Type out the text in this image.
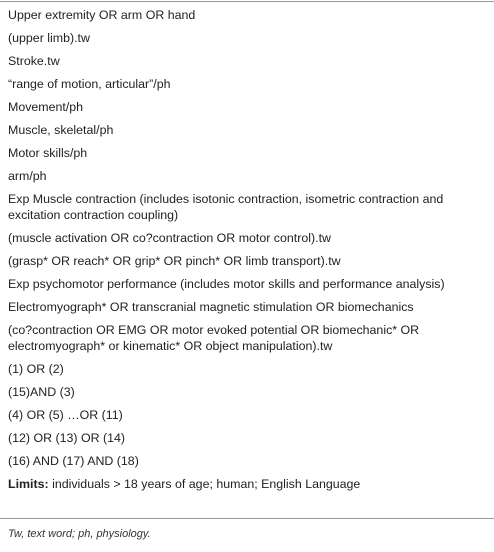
Upper extremity OR arm OR hand
(upper limb).tw
Stroke.tw
“range of motion, articular”/ph
Movement/ph
Muscle, skeletal/ph
Motor skills/ph
arm/ph
Exp Muscle contraction (includes isotonic contraction, isometric contraction and excitation contraction coupling)
(muscle activation OR co?contraction OR motor control).tw
(grasp* OR reach* OR grip* OR pinch* OR limb transport).tw
Exp psychomotor performance (includes motor skills and performance analysis)
Electromyograph* OR transcranial magnetic stimulation OR biomechanics
(co?contraction OR EMG OR motor evoked potential OR biomechanic* OR electromyograph* or kinematic* OR object manipulation).tw
(1) OR (2)
(15)AND (3)
(4) OR (5) …OR (11)
(12) OR (13) OR (14)
(16) AND (17) AND (18)
Limits: individuals > 18 years of age; human; English Language
Tw, text word; ph, physiology.
